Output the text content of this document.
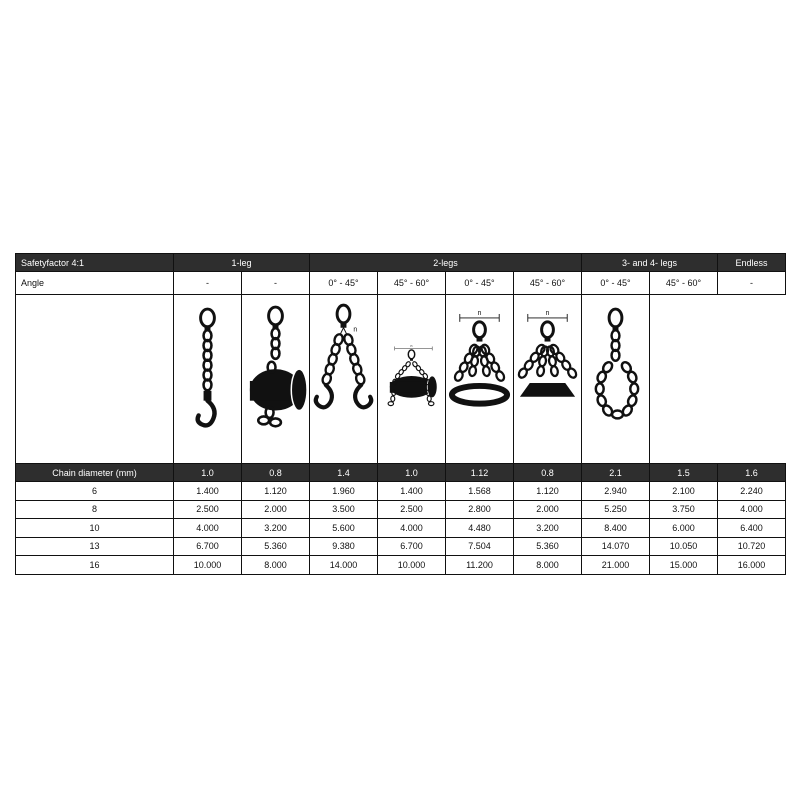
Safetyfactor 4:1	1-leg		2-legs				3- and 4- legs		Endless
Angle	-	-	0° - 45°	45° - 60°	0° - 45°	45° - 60°	0° - 45°	45° - 60°	-

n	n	n	n

Chain diameter (mm)	1.0	0.8	1.4	1.0	1.12	0.8	2.1	1.5	1.6
6	1.400	1.120	1.960	1.400	1.568	1.120	2.940	2.100	2.240
8	2.500	2.000	3.500	2.500	2.800	2.000	5.250	3.750	4.000
10	4.000	3.200	5.600	4.000	4.480	3.200	8.400	6.000	6.400
13	6.700	5.360	9.380	6.700	7.504	5.360	14.070	10.050	10.720
16	10.000	8.000	14.000	10.000	11.200	8.000	21.000	15.000	16.000
